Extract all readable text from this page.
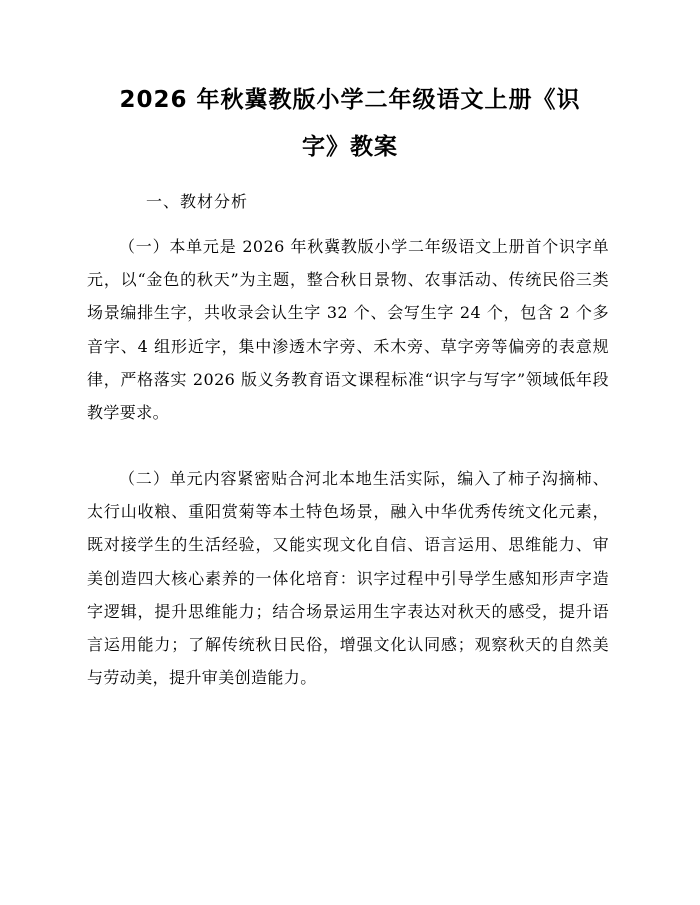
2026 年秋冀教版小学二年级语文上册《识
字》教案

一、教材分析

（一）本单元是 2026 年秋冀教版小学二年级语文上册首个识字单元，以“金色的秋天”为主题，整合秋日景物、农事活动、传统民俗三类场景编排生字，共收录会认生字 32 个、会写生字 24 个，包含 2 个多音字、4 组形近字，集中渗透木字旁、禾木旁、草字旁等偏旁的表意规律，严格落实 2026 版义务教育语文课程标准“识字与写字”领域低年段教学要求。

（二）单元内容紧密贴合河北本地生活实际，编入了柿子沟摘柿、太行山收粮、重阳赏菊等本土特色场景，融入中华优秀传统文化元素，既对接学生的生活经验，又能实现文化自信、语言运用、思维能力、审美创造四大核心素养的一体化培育：识字过程中引导学生感知形声字造字逻辑，提升思维能力；结合场景运用生字表达对秋天的感受，提升语言运用能力；了解传统秋日民俗，增强文化认同感；观察秋天的自然美与劳动美，提升审美创造能力。
